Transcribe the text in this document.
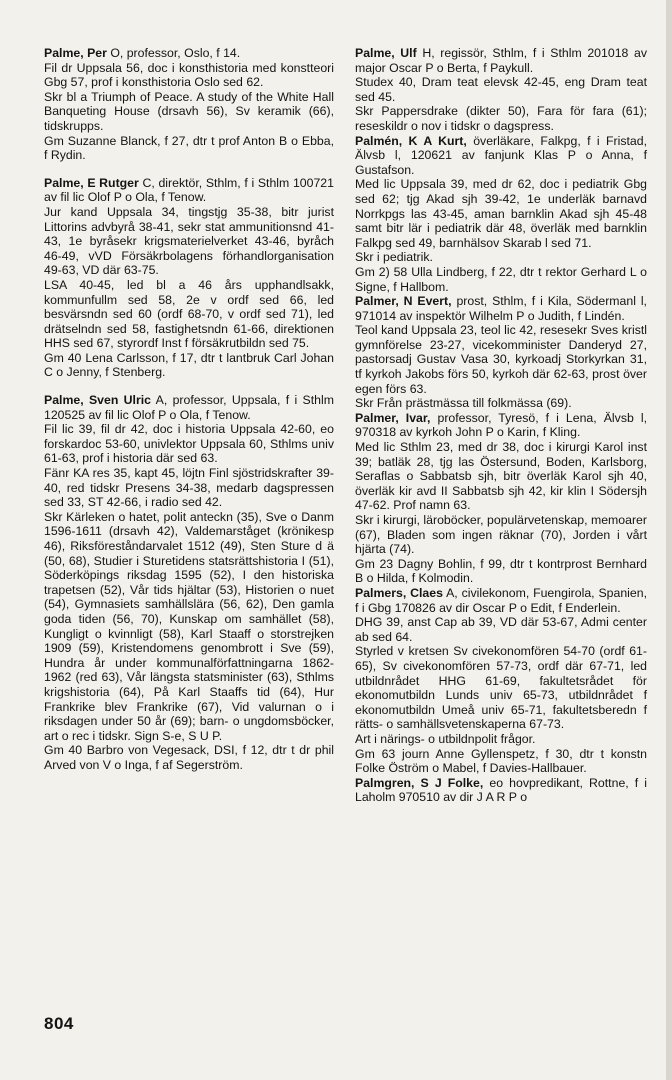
Palme, Per O, professor, Oslo, f 14.

Fil dr Uppsala 56, doc i konsthistoria med konstteori Gbg 57, prof i konsthistoria Oslo sed 62.

Skr bl a Triumph of Peace. A study of the White Hall Banqueting House (drsavh 56), Sv keramik (66), tidskrupps.

Gm Suzanne Blanck, f 27, dtr t prof Anton B o Ebba, f Rydin.

Palme, E Rutger C, direktör, Sthlm, f i Sthlm 100721 av fil lic Olof P o Ola, f Tenow.

Jur kand Uppsala 34, tingstjg 35-38, bitr jurist Littorins advbyrå 38-41, sekr stat ammunitionsnd 41-43, 1e byråsekr krigsmaterielverket 43-46, byråch 46-49, vVD Försäkrbolagens förhandlorganisation 49-63, VD där 63-75.

LSA 40-45, led bl a 46 års upphandlsakk, kommunfullm sed 58, 2e v ordf sed 66, led besvärsndn sed 60 (ordf 68-70, v ordf sed 71), led drätselndn sed 58, fastighetsndn 61-66, direktionen HHS sed 67, styrordf Inst f försäkrutbildn sed 75.

Gm 40 Lena Carlsson, f 17, dtr t lantbruk Carl Johan C o Jenny, f Stenberg.

Palme, Sven Ulric A, professor, Uppsala, f i Sthlm 120525 av fil lic Olof P o Ola, f Tenow.

Fil lic 39, fil dr 42, doc i historia Uppsala 42-60, eo forskardoc 53-60, univlektor Uppsala 60, Sthlms univ 61-63, prof i historia där sed 63.

Fänr KA res 35, kapt 45, löjtn Finl sjöstridskrafter 39-40, red tidskr Presens 34-38, medarb dagspressen sed 33, ST 42-66, i radio sed 42.

Skr Kärleken o hatet, polit anteckn (35), Sve o Danm 1596-1611 (drsavh 42), Valdemarståget (krönikesp 46), Riksföreståndarvalet 1512 (49), Sten Sture d ä (50, 68), Studier i Sturetidens statsrättshistoria I (51), Söderköpings riksdag 1595 (52), I den historiska trapetsen (52), Vår tids hjältar (53), Historien o nuet (54), Gymnasiets samhällslära (56, 62), Den gamla goda tiden (56, 70), Kunskap om samhället (58), Kungligt o kvinnligt (58), Karl Staaff o storstrejken 1909 (59), Kristendomens genombrott i Sve (59), Hundra år under kommunalförfattningarna 1862-1962 (red 63), Vår längsta statsminister (63), Sthlms krigshistoria (64), På Karl Staaffs tid (64), Hur Frankrike blev Frankrike (67), Vid valurnan o i riksdagen under 50 år (69); barn- o ungdomsböcker, art o rec i tidskr. Sign S-e, S U P.

Gm 40 Barbro von Vegesack, DSI, f 12, dtr t dr phil Arved von V o Inga, f af Segerström.

Palme, Ulf H, regissör, Sthlm, f i Sthlm 201018 av major Oscar P o Berta, f Paykull.

Studex 40, Dram teat elevsk 42-45, eng Dram teat sed 45.

Skr Pappersdrake (dikter 50), Fara för fara (61); reseskildr o nov i tidskr o dagspress.

Palmén, K A Kurt, överläkare, Falkpg, f i Fristad, Älvsb l, 120621 av fanjunk Klas P o Anna, f Gustafson.

Med lic Uppsala 39, med dr 62, doc i pediatrik Gbg sed 62; tjg Akad sjh 39-42, 1e underläk barnavd Norrkpgs las 43-45, aman barnklin Akad sjh 45-48 samt bitr lär i pediatrik där 48, överläk med barnklin Falkpg sed 49, barnhälsov Skarab l sed 71.

Skr i pediatrik.

Gm 2) 58 Ulla Lindberg, f 22, dtr t rektor Gerhard L o Signe, f Hallbom.

Palmer, N Evert, prost, Sthlm, f i Kila, Södermanl l, 971014 av inspektör Wilhelm P o Judith, f Lindén.

Teol kand Uppsala 23, teol lic 42, resesekr Sves kristl gymnförelse 23-27, vicekomminister Danderyd 27, pastorsadj Gustav Vasa 30, kyrkoadj Storkyrkan 31, tf kyrkoh Jakobs förs 50, kyrkoh där 62-63, prost över egen förs 63.

Skr Från prästmässa till folkmässa (69).

Palmer, Ivar, professor, Tyresö, f i Lena, Älvsb l, 970318 av kyrkoh John P o Karin, f Kling.

Med lic Sthlm 23, med dr 38, doc i kirurgi Karol inst 39; batläk 28, tjg las Östersund, Boden, Karlsborg, Seraflas o Sabbatsb sjh, bitr överläk Karol sjh 40, överläk kir avd II Sabbatsb sjh 42, kir klin I Södersjh 47-62. Prof namn 63.

Skr i kirurgi, läroböcker, populärvetenskap, memoarer (67), Bladen som ingen räknar (70), Jorden i vårt hjärta (74).

Gm 23 Dagny Bohlin, f 99, dtr t kontrprost Bernhard B o Hilda, f Kolmodin.

Palmers, Claes A, civilekonom, Fuengirola, Spanien, f i Gbg 170826 av dir Oscar P o Edit, f Enderlein.

DHG 39, anst Cap ab 39, VD där 53-67, Admi center ab sed 64.

Styrled v kretsen Sv civekonomfören 54-70 (ordf 61-65), Sv civekonomfören 57-73, ordf där 67-71, led utbildnrådet HHG 61-69, fakultetsrådet för ekonomutbildn Lunds univ 65-73, utbildnrådet f ekonomutbildn Umeå univ 65-71, fakultetsberedn f rätts- o samhällsvetenskaperna 67-73.

Art i närings- o utbildnpolit frågor.

Gm 63 journ Anne Gyllenspetz, f 30, dtr t konstn Folke Öström o Mabel, f Davies-Hallbauer.

Palmgren, S J Folke, eo hovpredikant, Rottne, f i Laholm 970510 av dir J A R P o

804
